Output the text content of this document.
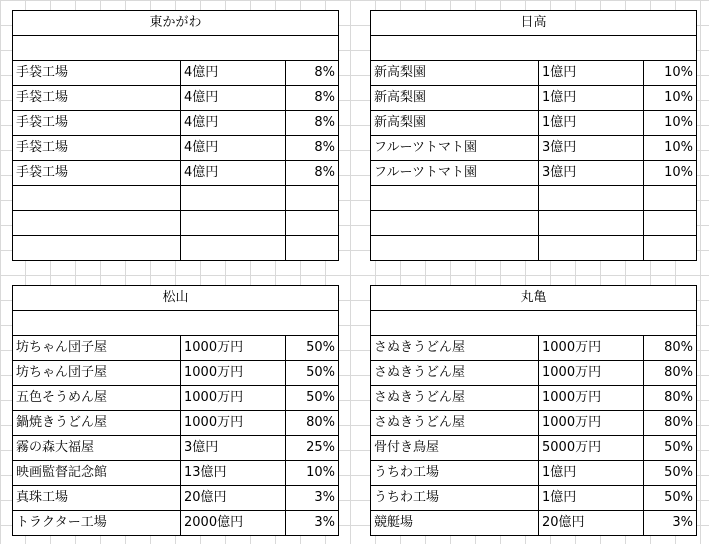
東かがわ		

手袋工場	4億円	8%
手袋工場	4億円	8%
手袋工場	4億円	8%
手袋工場	4億円	8%
手袋工場	4億円	8%

日高		

新高梨園	1億円	10%
新高梨園	1億円	10%
新高梨園	1億円	10%
フルーツトマト園	3億円	10%
フルーツトマト園	3億円	10%

松山		

坊ちゃん団子屋	1000万円	50%
坊ちゃん団子屋	1000万円	50%
五色そうめん屋	1000万円	50%
鍋焼きうどん屋	1000万円	80%
霧の森大福屋	3億円	25%
映画監督記念館	13億円	10%
真珠工場	20億円	3%
トラクター工場	2000億円	3%
丸亀		

さぬきうどん屋	1000万円	80%
さぬきうどん屋	1000万円	80%
さぬきうどん屋	1000万円	80%
さぬきうどん屋	1000万円	80%
骨付き鳥屋	5000万円	50%
うちわ工場	1億円	50%
うちわ工場	1億円	50%
競艇場	20億円	3%
